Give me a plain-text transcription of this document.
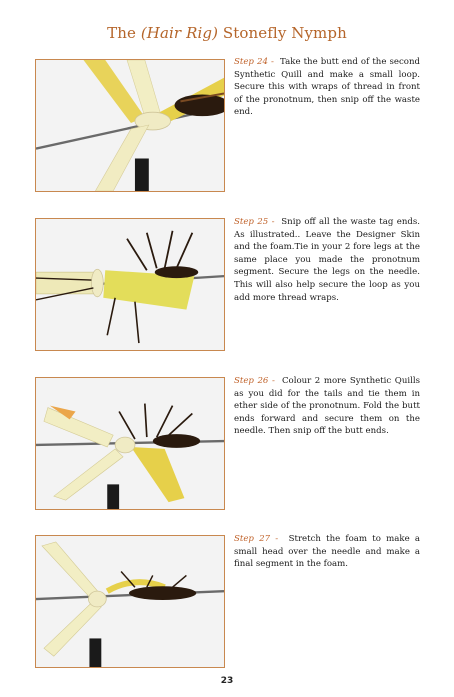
The (Hair Rig) Stonefly Nymph

Step 24 - Take the butt end of the second Synthetic Quill and make a small loop. Secure this with wraps of thread in front of the pronotnum, then snip off the waste end.

Step 25 - Snip off all the waste tag ends. As illustrated.. Leave the Designer Skin and the foam.Tie in your 2 fore legs at the same place you made the pronotnum segment. Secure the legs on the needle. This will also help secure the loop as you add more thread wraps.

Step 26 - Colour 2 more Synthetic Quills as you did for the tails and tie them in ether side of the pronotnum. Fold the butt ends forward and secure them on the needle. Then snip off the butt ends.

Step 27 - Stretch the foam to make a small head over the needle and make a final segment in the foam.

23
